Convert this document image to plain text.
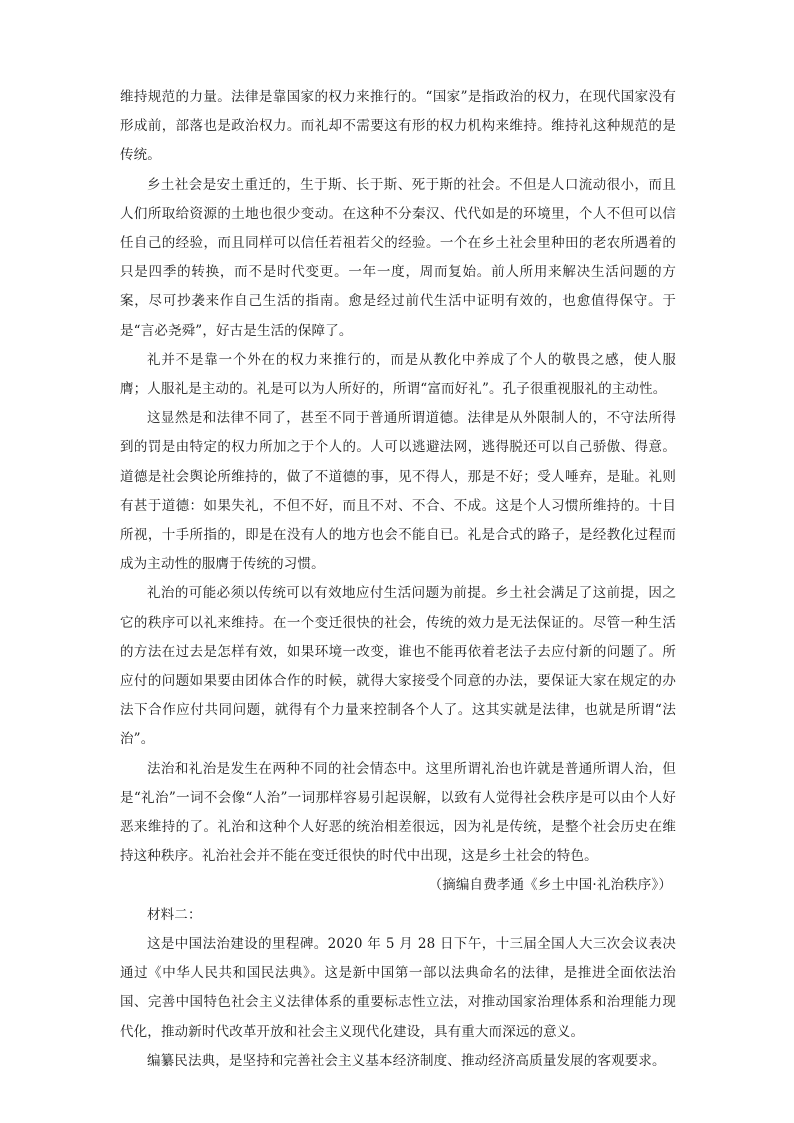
维持规范的力量。法律是靠国家的权力来推行的。“国家”是指政治的权力，在现代国家没有形成前，部落也是政治权力。而礼却不需要这有形的权力机构来维持。维持礼这种规范的是传统。

乡土社会是安土重迁的，生于斯、长于斯、死于斯的社会。不但是人口流动很小，而且人们所取给资源的土地也很少变动。在这种不分秦汉、代代如是的环境里，个人不但可以信任自己的经验，而且同样可以信任若祖若父的经验。一个在乡土社会里种田的老农所遇着的只是四季的转换，而不是时代变更。一年一度，周而复始。前人所用来解决生活问题的方案，尽可抄袭来作自己生活的指南。愈是经过前代生活中证明有效的，也愈值得保守。于是“言必尧舜”，好古是生活的保障了。

礼并不是靠一个外在的权力来推行的，而是从教化中养成了个人的敬畏之感，使人服膺；人服礼是主动的。礼是可以为人所好的，所谓“富而好礼”。孔子很重视服礼的主动性。

这显然是和法律不同了，甚至不同于普通所谓道德。法律是从外限制人的，不守法所得到的罚是由特定的权力所加之于个人的。人可以逃避法网，逃得脱还可以自己骄傲、得意。道德是社会舆论所维持的，做了不道德的事，见不得人，那是不好；受人唾弃，是耻。礼则有甚于道德：如果失礼，不但不好，而且不对、不合、不成。这是个人习惯所维持的。十目所视，十手所指的，即是在没有人的地方也会不能自已。礼是合式的路子，是经教化过程而成为主动性的服膺于传统的习惯。

礼治的可能必须以传统可以有效地应付生活问题为前提。乡土社会满足了这前提，因之它的秩序可以礼来维持。在一个变迁很快的社会，传统的效力是无法保证的。尽管一种生活的方法在过去是怎样有效，如果环境一改变，谁也不能再依着老法子去应付新的问题了。所应付的问题如果要由团体合作的时候，就得大家接受个同意的办法，要保证大家在规定的办法下合作应付共同问题，就得有个力量来控制各个人了。这其实就是法律，也就是所谓“法治”。

法治和礼治是发生在两种不同的社会情态中。这里所谓礼治也许就是普通所谓人治，但是“礼治”一词不会像“人治”一词那样容易引起误解，以致有人觉得社会秩序是可以由个人好恶来维持的了。礼治和这种个人好恶的统治相差很远，因为礼是传统，是整个社会历史在维持这种秩序。礼治社会并不能在变迁很快的时代中出现，这是乡土社会的特色。

（摘编自费孝通《乡土中国·礼治秩序》）

材料二：

这是中国法治建设的里程碑。2020 年 5 月 28 日下午，十三届全国人大三次会议表决通过《中华人民共和国民法典》。这是新中国第一部以法典命名的法律，是推进全面依法治国、完善中国特色社会主义法律体系的重要标志性立法，对推动国家治理体系和治理能力现代化，推动新时代改革开放和社会主义现代化建设，具有重大而深远的意义。

编纂民法典，是坚持和完善社会主义基本经济制度、推动经济高质量发展的客观要求。
